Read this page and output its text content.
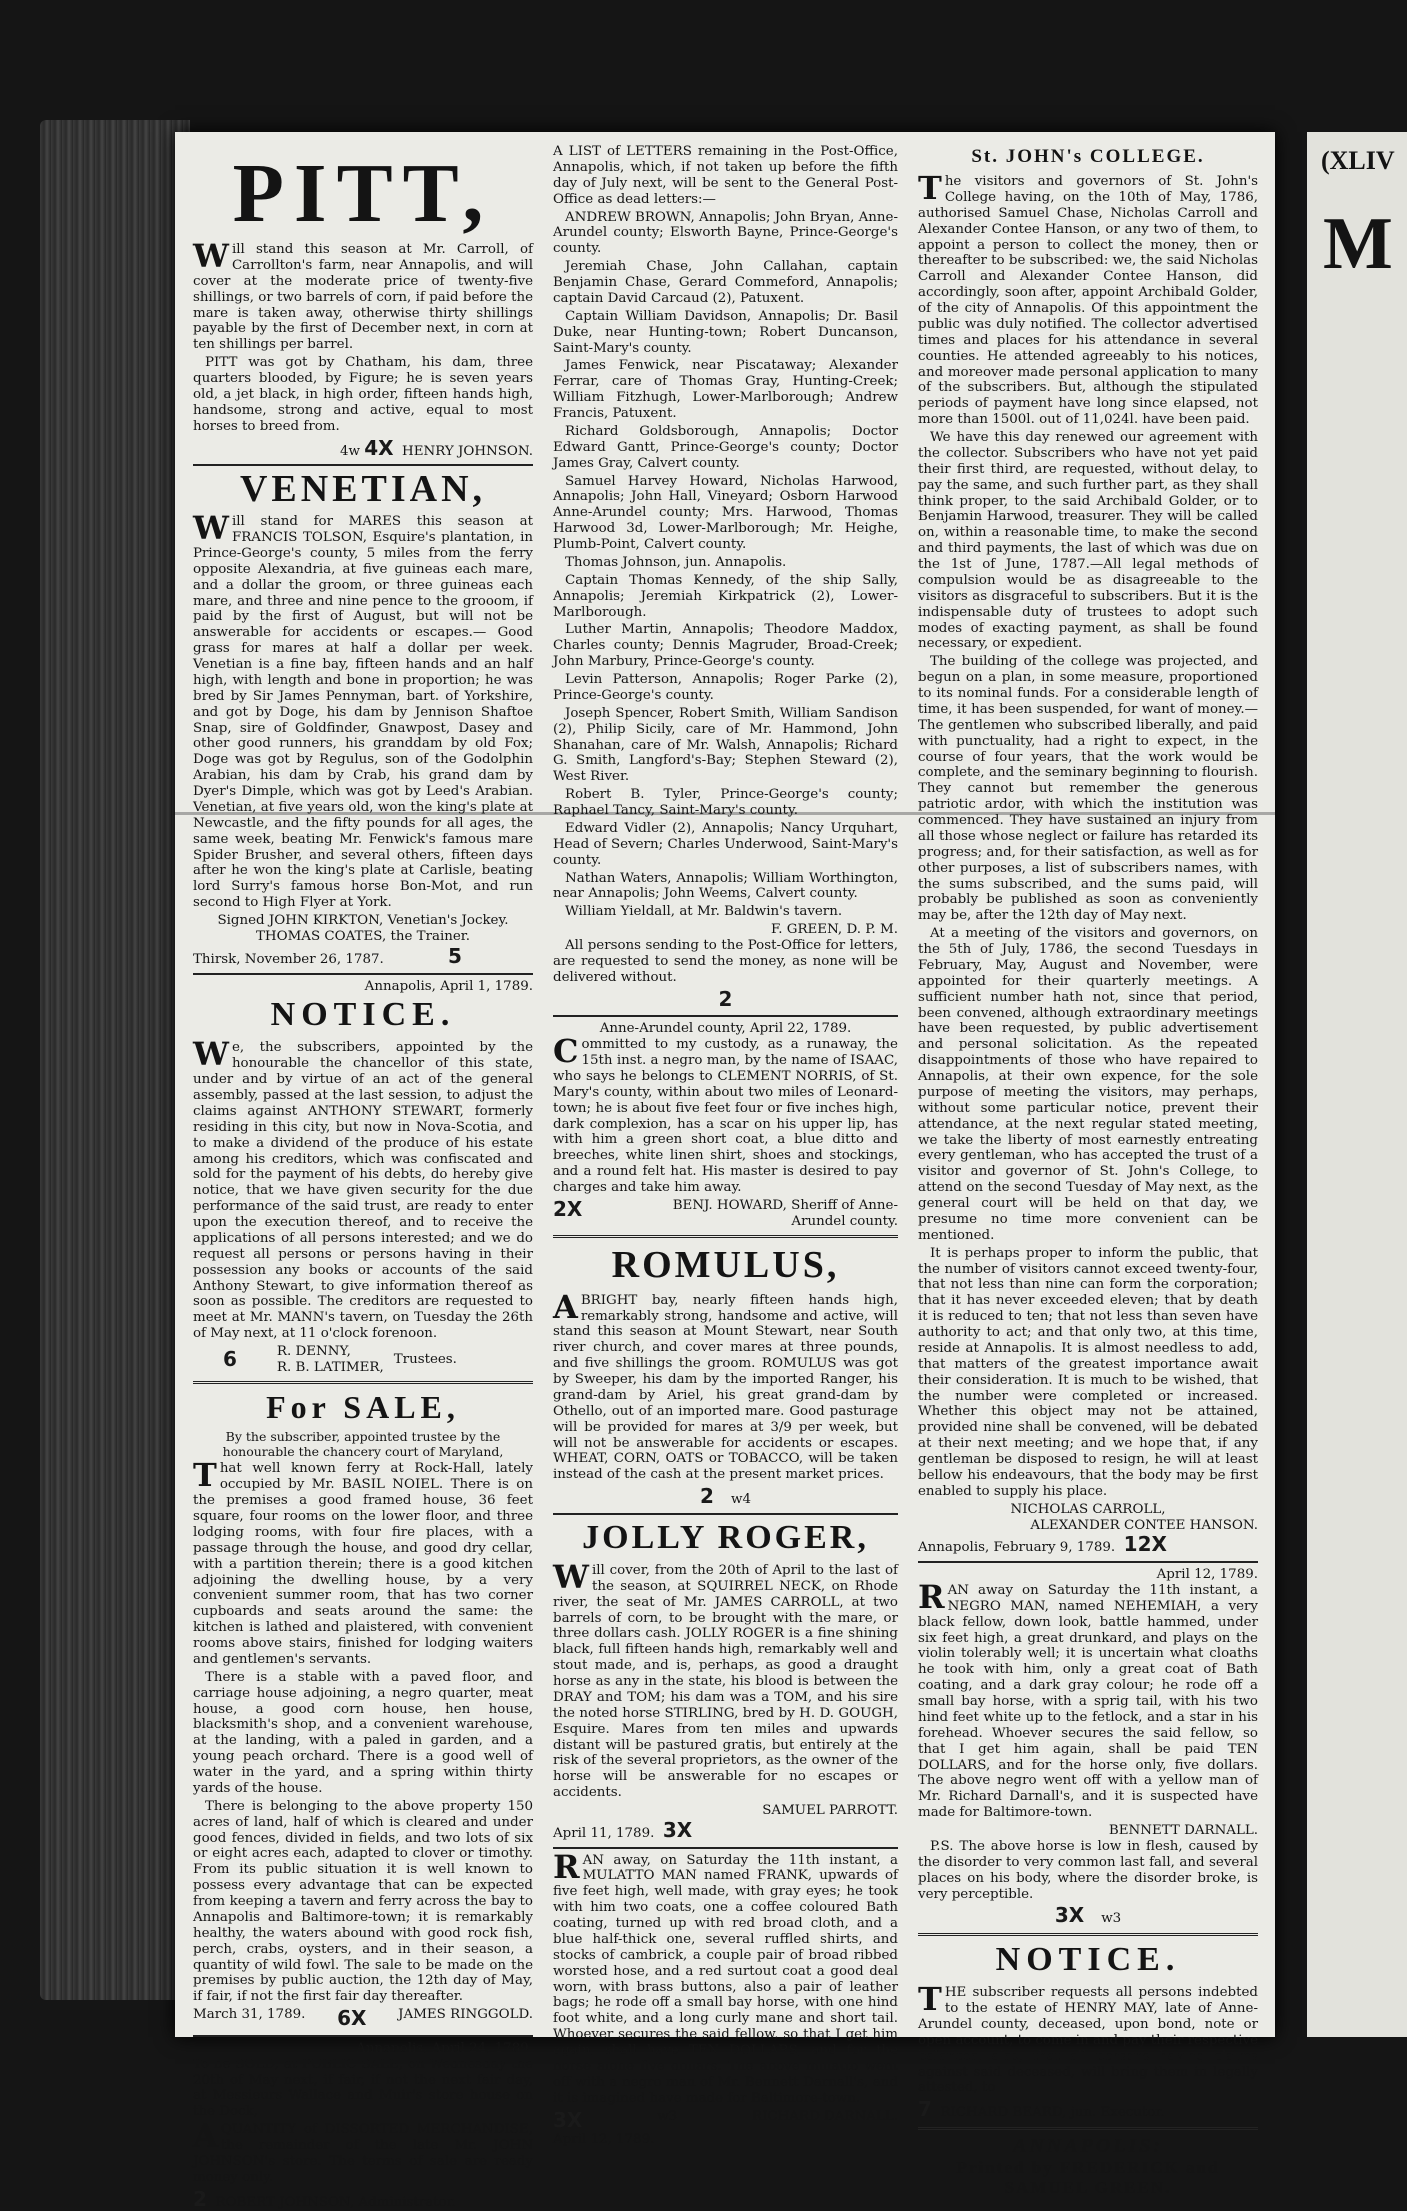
PITT,

Will stand this season at Mr. Carroll, of Carrollton's farm, near Annapolis, and will cover at the moderate price of twenty-five shillings, or two barrels of corn, if paid before the mare is taken away, otherwise thirty shillings payable by the first of December next, in corn at ten shillings per barrel.

PITT was got by Chatham, his dam, three quarters blooded, by Figure; he is seven years old, a jet black, in high order, fifteen hands high, handsome, strong and active, equal to most horses to breed from.

4w 4X HENRY JOHNSON.
VENETIAN,

Will stand for MARES this season at FRANCIS TOLSON, Esquire's plantation, in Prince-George's county, 5 miles from the ferry opposite Alexandria, at five guineas each mare, and a dollar the groom, or three guineas each mare, and three and nine pence to the grooom, if paid by the first of August, but will not be answerable for accidents or escapes.— Good grass for mares at half a dollar per week. Venetian is a fine bay, fifteen hands and an half high, with length and bone in proportion; he was bred by Sir James Pennyman, bart. of Yorkshire, and got by Doge, his dam by Jennison Shaftoe Snap, sire of Goldfinder, Gnawpost, Dasey and other good runners, his granddam by old Fox; Doge was got by Regulus, son of the Godolphin Arabian, his dam by Crab, his grand dam by Dyer's Dimple, which was got by Leed's Arabian. Venetian, at five years old, won the king's plate at Newcastle, and the fifty pounds for all ages, the same week, beating Mr. Fenwick's famous mare Spider Brusher, and several others, fifteen days after he won the king's plate at Carlisle, beating lord Surry's famous horse Bon-Mot, and run second to High Flyer at York.

Signed JOHN KIRKTON, Venetian's Jockey.
THOMAS COATES, the Trainer.
Thirsk, November 26, 1787.	5
Annapolis, April 1, 1789.
NOTICE.

We, the subscribers, appointed by the honourable the chancellor of this state, under and by virtue of an act of the general assembly, passed at the last session, to adjust the claims against ANTHONY STEWART, formerly residing in this city, but now in Nova-Scotia, and to make a dividend of the produce of his estate among his creditors, which was confiscated and sold for the payment of his debts, do hereby give notice, that we have given security for the due performance of the said trust, are ready to enter upon the execution thereof, and to receive the applications of all persons interested; and we do request all persons or persons having in their possession any books or accounts of the said Anthony Stewart, to give information thereof as soon as possible. The creditors are requested to meet at Mr. MANN's tavern, on Tuesday the 26th of May next, at 11 o'clock forenoon.

6	R. DENNY,
R. B. LATIMER,
Trustees.
For SALE,

By the subscriber, appointed trustee by the honourable the chancery court of Maryland,

That well known ferry at Rock-Hall, lately occupied by Mr. BASIL NOIEL. There is on the premises a good framed house, 36 feet square, four rooms on the lower floor, and three lodging rooms, with four fire places, with a passage through the house, and good dry cellar, with a partition therein; there is a good kitchen adjoining the dwelling house, by a very convenient summer room, that has two corner cupboards and seats around the same: the kitchen is lathed and plaistered, with convenient rooms above stairs, finished for lodging waiters and gentlemen's servants.

There is a stable with a paved floor, and carriage house adjoining, a negro quarter, meat house, a good corn house, hen house, blacksmith's shop, and a convenient warehouse, at the landing, with a paled in garden, and a young peach orchard. There is a good well of water in the yard, and a spring within thirty yards of the house.

There is belonging to the above property 150 acres of land, half of which is cleared and under good fences, divided in fields, and two lots of six or eight acres each, adapted to clover or timothy. From its public situation it is well known to possess every advantage that can be expected from keeping a tavern and ferry across the bay to Annapolis and Baltimore-town; it is remarkably healthy, the waters abound with good rock fish, perch, crabs, oysters, and in their season, a quantity of wild fowl. The sale to be made on the premises by public auction, the 12th day of May, if fair, if not the first fair day thereafter.

March 31, 1789. 6X JAMES RINGGOLD.
Annapolis, April 24, 1789.

To be SOLD, at PUBLIC SALE, on Wednesday the 20th of May next, if fair, if not the next fair day, at Messieurs Wallace and Muir's store house on the Dock,

AQUANTITY of DISSORTED MERCHANDISE, the remainder of the late Mr. JOHN JOHNSON's store. The terms of sale are ready money only.

2 ROBERT JOHNSON, Administrator.

A LIST of LETTERS remaining in the Post-Office, Annapolis, which, if not taken up before the fifth day of July next, will be sent to the General Post-Office as dead letters:—

ANDREW BROWN, Annapolis; John Bryan, Anne-Arundel county; Elsworth Bayne, Prince-George's county.

Jeremiah Chase, John Callahan, captain Benjamin Chase, Gerard Commeford, Annapolis; captain David Carcaud (2), Patuxent.

Captain William Davidson, Annapolis; Dr. Basil Duke, near Hunting-town; Robert Duncanson, Saint-Mary's county.

James Fenwick, near Piscataway; Alexander Ferrar, care of Thomas Gray, Hunting-Creek; William Fitzhugh, Lower-Marlborough; Andrew Francis, Patuxent.

Richard Goldsborough, Annapolis; Doctor Edward Gantt, Prince-George's county; Doctor James Gray, Calvert county.

Samuel Harvey Howard, Nicholas Harwood, Annapolis; John Hall, Vineyard; Osborn Harwood Anne-Arundel county; Mrs. Harwood, Thomas Harwood 3d, Lower-Marlborough; Mr. Heighe, Plumb-Point, Calvert county.

Thomas Johnson, jun. Annapolis.

Captain Thomas Kennedy, of the ship Sally, Annapolis; Jeremiah Kirkpatrick (2), Lower-Marlborough.

Luther Martin, Annapolis; Theodore Maddox, Charles county; Dennis Magruder, Broad-Creek; John Marbury, Prince-George's county.

Levin Patterson, Annapolis; Roger Parke (2), Prince-George's county.

Joseph Spencer, Robert Smith, William Sandison (2), Philip Sicily, care of Mr. Hammond, John Shanahan, care of Mr. Walsh, Annapolis; Richard G. Smith, Langford's-Bay; Stephen Steward (2), West River.

Robert B. Tyler, Prince-George's county; Raphael Tancy, Saint-Mary's county.

Edward Vidler (2), Annapolis; Nancy Urquhart, Head of Severn; Charles Underwood, Saint-Mary's county.

Nathan Waters, Annapolis; William Worthington, near Annapolis; John Weems, Calvert county.

William Yieldall, at Mr. Baldwin's tavern.

F. GREEN, D. P. M.

All persons sending to the Post-Office for letters, are requested to send the money, as none will be delivered without.

2
Anne-Arundel county, April 22, 1789.

Committed to my custody, as a runaway, the 15th inst. a negro man, by the name of ISAAC, who says he belongs to CLEMENT NORRIS, of St. Mary's county, within about two miles of Leonard-town; he is about five feet four or five inches high, dark complexion, has a scar on his upper lip, has with him a green short coat, a blue ditto and breeches, white linen shirt, shoes and stockings, and a round felt hat. His master is desired to pay charges and take him away.

2X	BENJ. HOWARD, Sheriff of Anne-Arundel county.
ROMULUS,

ABRIGHT bay, nearly fifteen hands high, remarkably strong, handsome and active, will stand this season at Mount Stewart, near South river church, and cover mares at three pounds, and five shillings the groom. ROMULUS was got by Sweeper, his dam by the imported Ranger, his grand-dam by Ariel, his great grand-dam by Othello, out of an imported mare. Good pasturage will be provided for mares at 3/9 per week, but will not be answerable for accidents or escapes. WHEAT, CORN, OATS or TOBACCO, will be taken instead of the cash at the present market prices.

2 w4
JOLLY ROGER,

Will cover, from the 20th of April to the last of the season, at SQUIRREL NECK, on Rhode river, the seat of Mr. JAMES CARROLL, at two barrels of corn, to be brought with the mare, or three dollars cash. JOLLY ROGER is a fine shining black, full fifteen hands high, remarkably well and stout made, and is, perhaps, as good a draught horse as any in the state, his blood is between the DRAY and TOM; his dam was a TOM, and his sire the noted horse STIRLING, bred by H. D. GOUGH, Esquire. Mares from ten miles and upwards distant will be pastured gratis, but entirely at the risk of the several proprietors, as the owner of the horse will be answerable for no escapes or accidents.

SAMUEL PARROTT.
April 11, 1789. 3X

RAN away, on Saturday the 11th instant, a MULATTO MAN named FRANK, upwards of five feet high, well made, with gray eyes; he took with him two coats, one a coffee coloured Bath coating, turned up with red broad cloth, and a blue half-thick one, several ruffled shirts, and stocks of cambrick, a couple pair of broad ribbed worsted hose, and a red surtout coat a good deal worn, with brass buttons, also a pair of leather bags; he rode off a small bay horse, with one hind foot white, and a long curly mane and short tail. Whoever secures the said fellow, so that I get him again, shall have TEN DOLLARS, and for the horse alone five dollars. The above mulatto went off with a negro man of Mr. Bennett Darnall's, and it is imagined have made for Baltimore-town.

3X	w3	RICHARD DARNALL.
April 12, 1789.
St. JOHN's COLLEGE.

The visitors and governors of St. John's College having, on the 10th of May, 1786, authorised Samuel Chase, Nicholas Carroll and Alexander Contee Hanson, or any two of them, to appoint a person to collect the money, then or thereafter to be subscribed: we, the said Nicholas Carroll and Alexander Contee Hanson, did accordingly, soon after, appoint Archibald Golder, of the city of Annapolis. Of this appointment the public was duly notified. The collector advertised times and places for his attendance in several counties. He attended agreeably to his notices, and moreover made personal application to many of the subscribers. But, although the stipulated periods of payment have long since elapsed, not more than 1500l. out of 11,024l. have been paid.

We have this day renewed our agreement with the collector. Subscribers who have not yet paid their first third, are requested, without delay, to pay the same, and such further part, as they shall think proper, to the said Archibald Golder, or to Benjamin Harwood, treasurer. They will be called on, within a reasonable time, to make the second and third payments, the last of which was due on the 1st of June, 1787.—All legal methods of compulsion would be as disagreeable to the visitors as disgraceful to subscribers. But it is the indispensable duty of trustees to adopt such modes of exacting payment, as shall be found necessary, or expedient.

The building of the college was projected, and begun on a plan, in some measure, proportioned to its nominal funds. For a considerable length of time, it has been suspended, for want of money.—The gentlemen who subscribed liberally, and paid with punctuality, had a right to expect, in the course of four years, that the work would be complete, and the seminary beginning to flourish. They cannot but remember the generous patriotic ardor, with which the institution was commenced. They have sustained an injury from all those whose neglect or failure has retarded its progress; and, for their satisfaction, as well as for other purposes, a list of subscribers names, with the sums subscribed, and the sums paid, will probably be published as soon as conveniently may be, after the 12th day of May next.

At a meeting of the visitors and governors, on the 5th of July, 1786, the second Tuesdays in February, May, August and November, were appointed for their quarterly meetings. A sufficient number hath not, since that period, been convened, although extraordinary meetings have been requested, by public advertisement and personal solicitation. As the repeated disappointments of those who have repaired to Annapolis, at their own expence, for the sole purpose of meeting the visitors, may perhaps, without some particular notice, prevent their attendance, at the next regular stated meeting, we take the liberty of most earnestly entreating every gentleman, who has accepted the trust of a visitor and governor of St. John's College, to attend on the second Tuesday of May next, as the general court will be held on that day, we presume no time more convenient can be mentioned.

It is perhaps proper to inform the public, that the number of visitors cannot exceed twenty-four, that not less than nine can form the corporation; that it has never exceeded eleven; that by death it is reduced to ten; that not less than seven have authority to act; and that only two, at this time, reside at Annapolis. It is almost needless to add, that matters of the greatest importance await their consideration. It is much to be wished, that the number were completed or increased. Whether this object may not be attained, provided nine shall be convened, will be debated at their next meeting; and we hope that, if any gentleman be disposed to resign, he will at least bellow his endeavours, that the body may be first enabled to supply his place.

NICHOLAS CARROLL,
ALEXANDER CONTEE HANSON.
Annapolis, February 9, 1789. 12X
April 12, 1789.

RAN away on Saturday the 11th instant, a NEGRO MAN, named NEHEMIAH, a very black fellow, down look, battle hammed, under six feet high, a great drunkard, and plays on the violin tolerably well; it is uncertain what cloaths he took with him, only a great coat of Bath coating, and a dark gray colour; he rode off a small bay horse, with a sprig tail, with his two hind feet white up to the fetlock, and a star in his forehead. Whoever secures the said fellow, so that I get him again, shall be paid TEN DOLLARS, and for the horse only, five dollars. The above negro went off with a yellow man of Mr. Richard Darnall's, and it is suspected have made for Baltimore-town.

BENNETT DARNALL.

P.S. The above horse is low in flesh, caused by the disorder to very common last fall, and several places on his body, where the disorder broke, is very perceptible.

3X w3
NOTICE.

THE subscriber requests all persons indebted to the estate of HENRY MAY, late of Anne-Arundel county, deceased, upon bond, note or open account, to come in and pay their respective balances, also, that all persons having claims against said deceased, will bring them in legally attested, to

7 RICHARD BEARD, jun. Executor.
ANNAPOLIS:
Printed by FREDERICK and SAMUEL GREEN.
(XLIV
M
